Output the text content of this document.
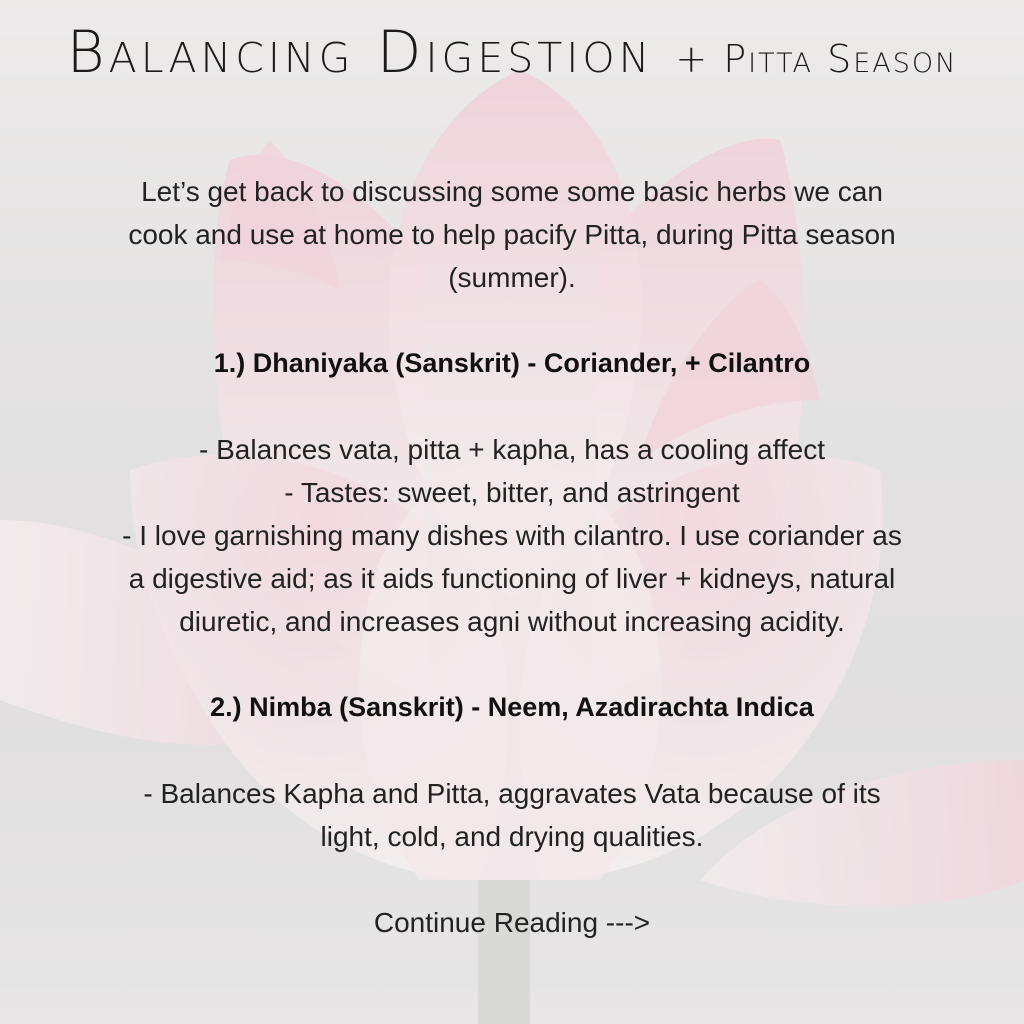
Balancing Digestion + Pitta Season

Let’s get back to discussing some some basic herbs we can cook and use at home to help pacify Pitta, during Pitta season (summer).

1.) Dhaniyaka (Sanskrit) - Coriander, + Cilantro

- Balances vata, pitta + kapha, has a cooling affect

- Tastes: sweet, bitter, and astringent

- I love garnishing many dishes with cilantro. I use coriander as a digestive aid; as it aids functioning of liver + kidneys, natural diuretic, and increases agni without increasing acidity.

2.) Nimba (Sanskrit) - Neem, Azadirachta Indica

- Balances Kapha and Pitta, aggravates Vata because of its light, cold, and drying qualities.

Continue Reading --->
